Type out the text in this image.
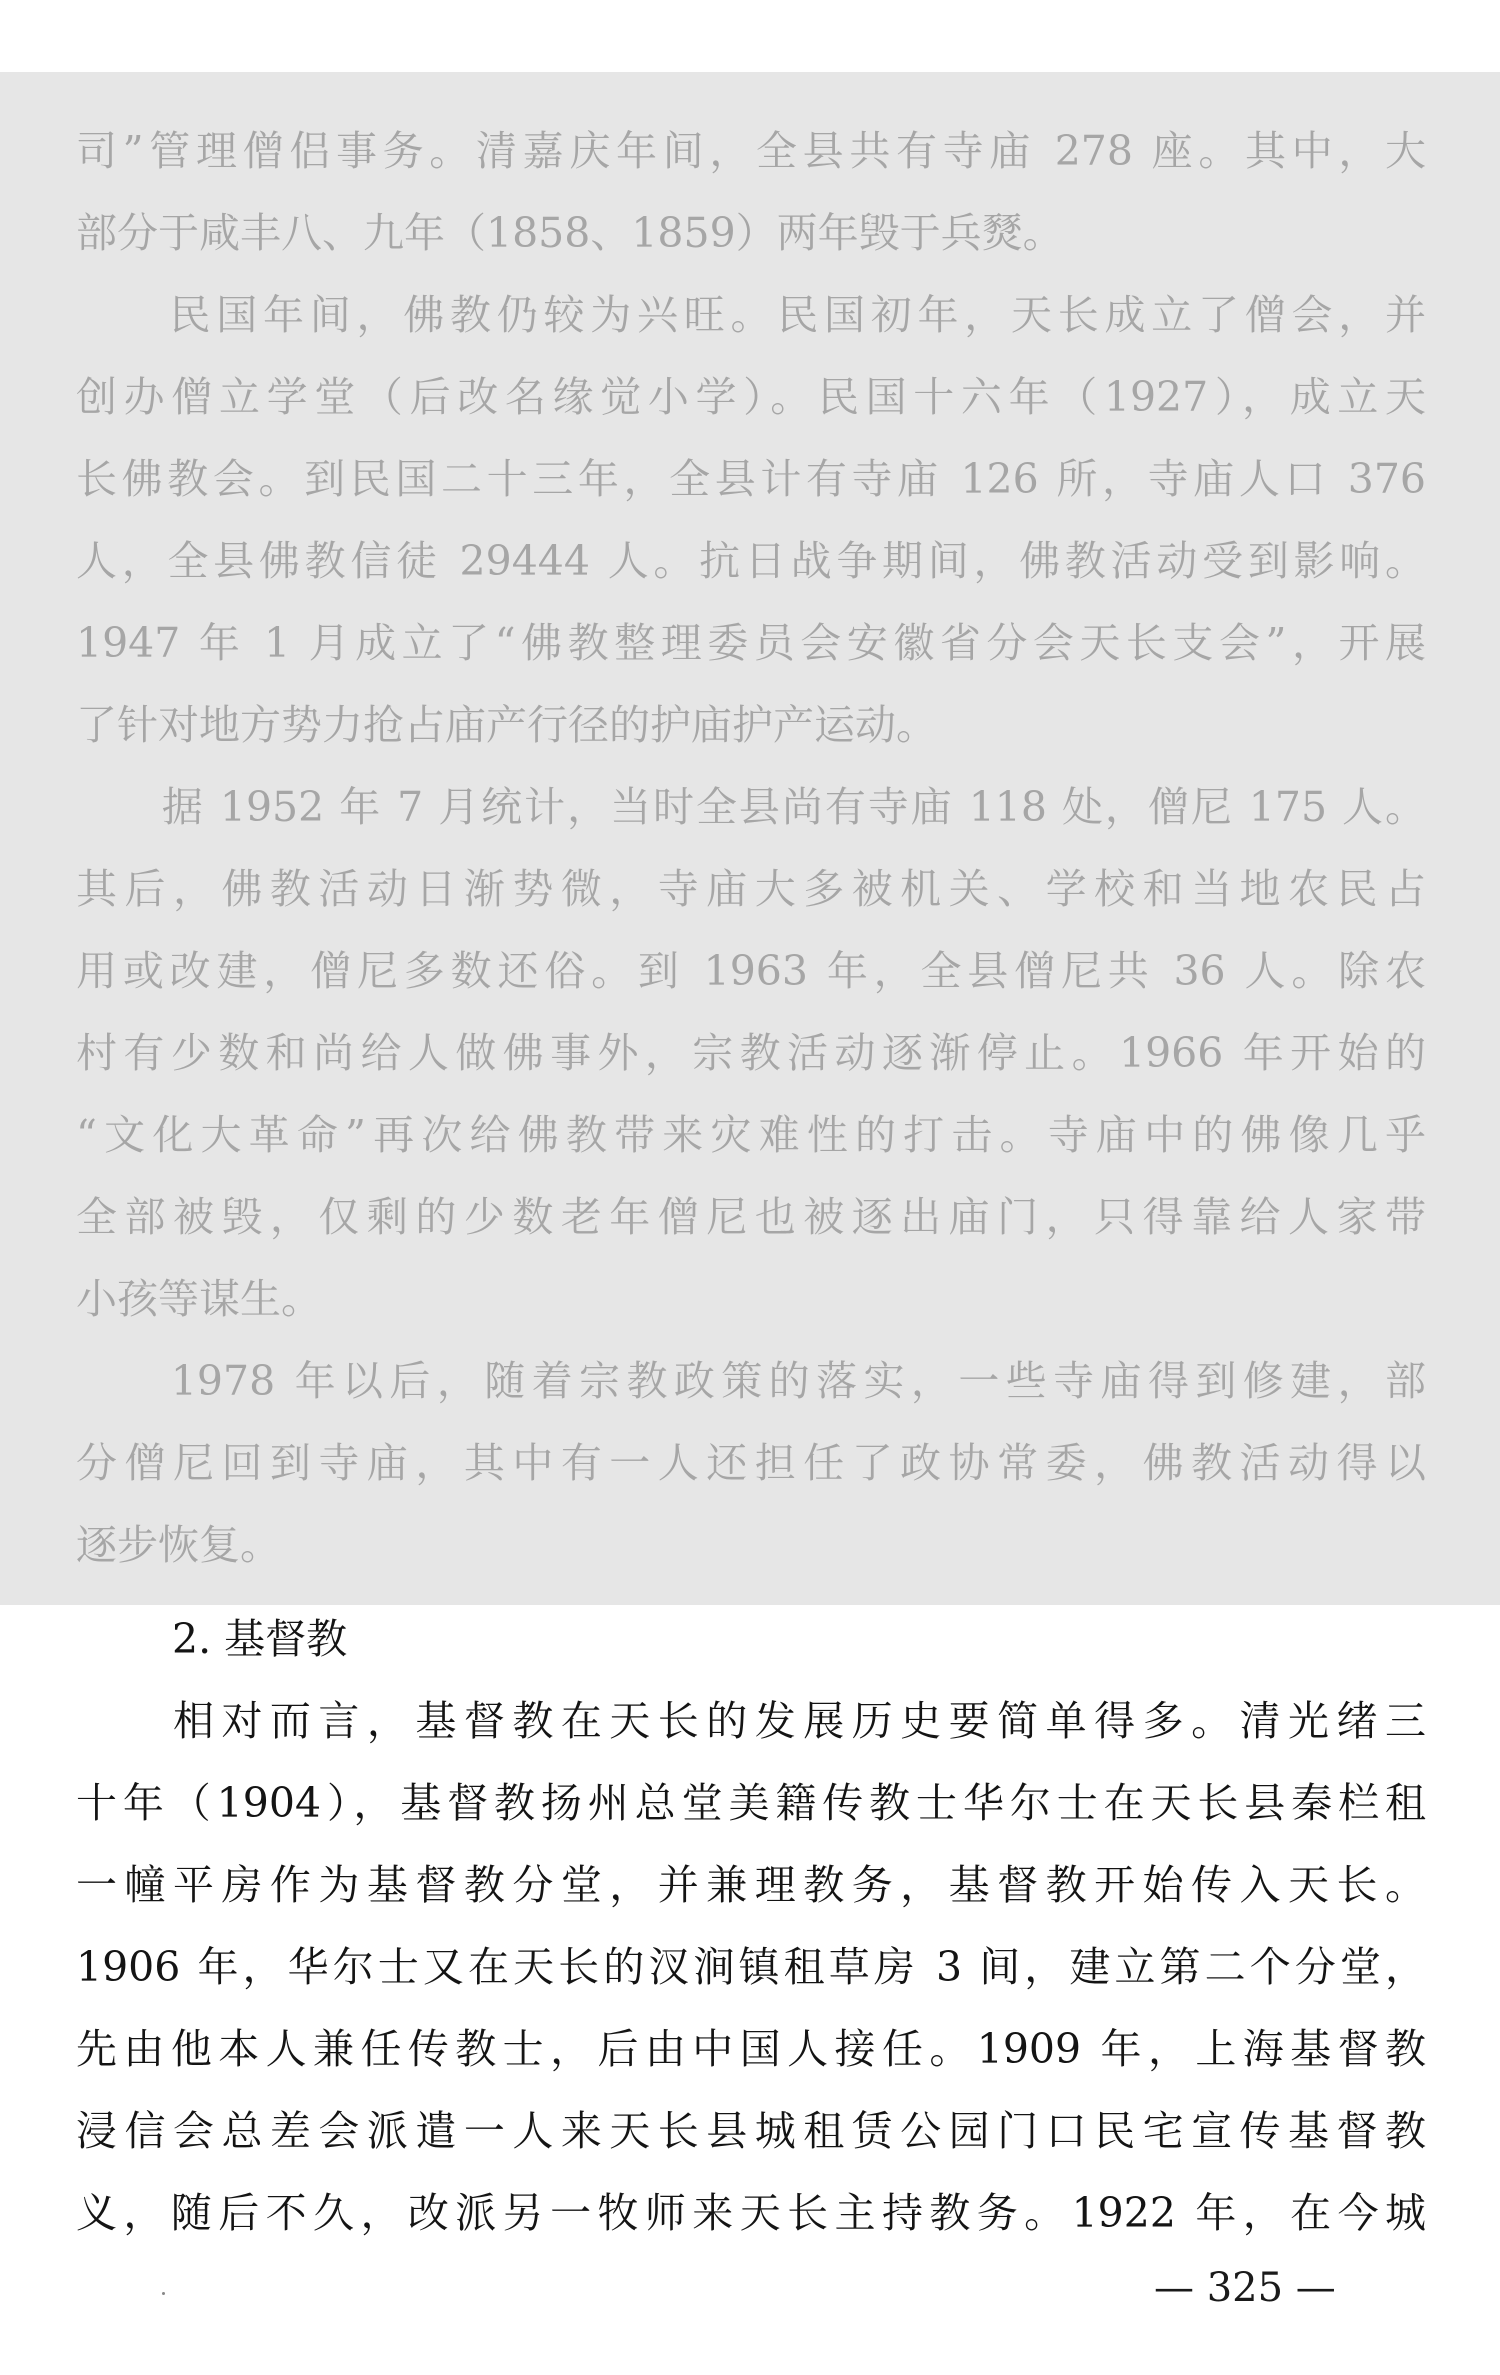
司”管理僧侣事务。清嘉庆年间，全县共有寺庙 278 座。其中，大
部分于咸丰八、九年（1858、1859）两年毁于兵燹。
　　民国年间，佛教仍较为兴旺。民国初年，天长成立了僧会，并
创办僧立学堂（后改名缘觉小学）。民国十六年（1927），成立天
长佛教会。到民国二十三年，全县计有寺庙 126 所，寺庙人口 376
人，全县佛教信徒 29444 人。抗日战争期间，佛教活动受到影响。
1947 年 1 月成立了“佛教整理委员会安徽省分会天长支会”，开展
了针对地方势力抢占庙产行径的护庙护产运动。
　　据 1952 年 7 月统计，当时全县尚有寺庙 118 处，僧尼 175 人。
其后，佛教活动日渐势微，寺庙大多被机关、学校和当地农民占
用或改建，僧尼多数还俗。到 1963 年，全县僧尼共 36 人。除农
村有少数和尚给人做佛事外，宗教活动逐渐停止。1966 年开始的
“文化大革命”再次给佛教带来灾难性的打击。寺庙中的佛像几乎
全部被毁，仅剩的少数老年僧尼也被逐出庙门，只得靠给人家带
小孩等谋生。
　　1978 年以后，随着宗教政策的落实，一些寺庙得到修建，部
分僧尼回到寺庙，其中有一人还担任了政协常委，佛教活动得以
逐步恢复。
2. 基督教
　　相对而言，基督教在天长的发展历史要简单得多。清光绪三
十年（1904），基督教扬州总堂美籍传教士华尔士在天长县秦栏租
一幢平房作为基督教分堂，并兼理教务，基督教开始传入天长。
1906 年，华尔士又在天长的汊涧镇租草房 3 间，建立第二个分堂，
先由他本人兼任传教士，后由中国人接任。1909 年，上海基督教
浸信会总差会派遣一人来天长县城租赁公园门口民宅宣传基督教
义，随后不久，改派另一牧师来天长主持教务。1922 年，在今城
— 325 —
